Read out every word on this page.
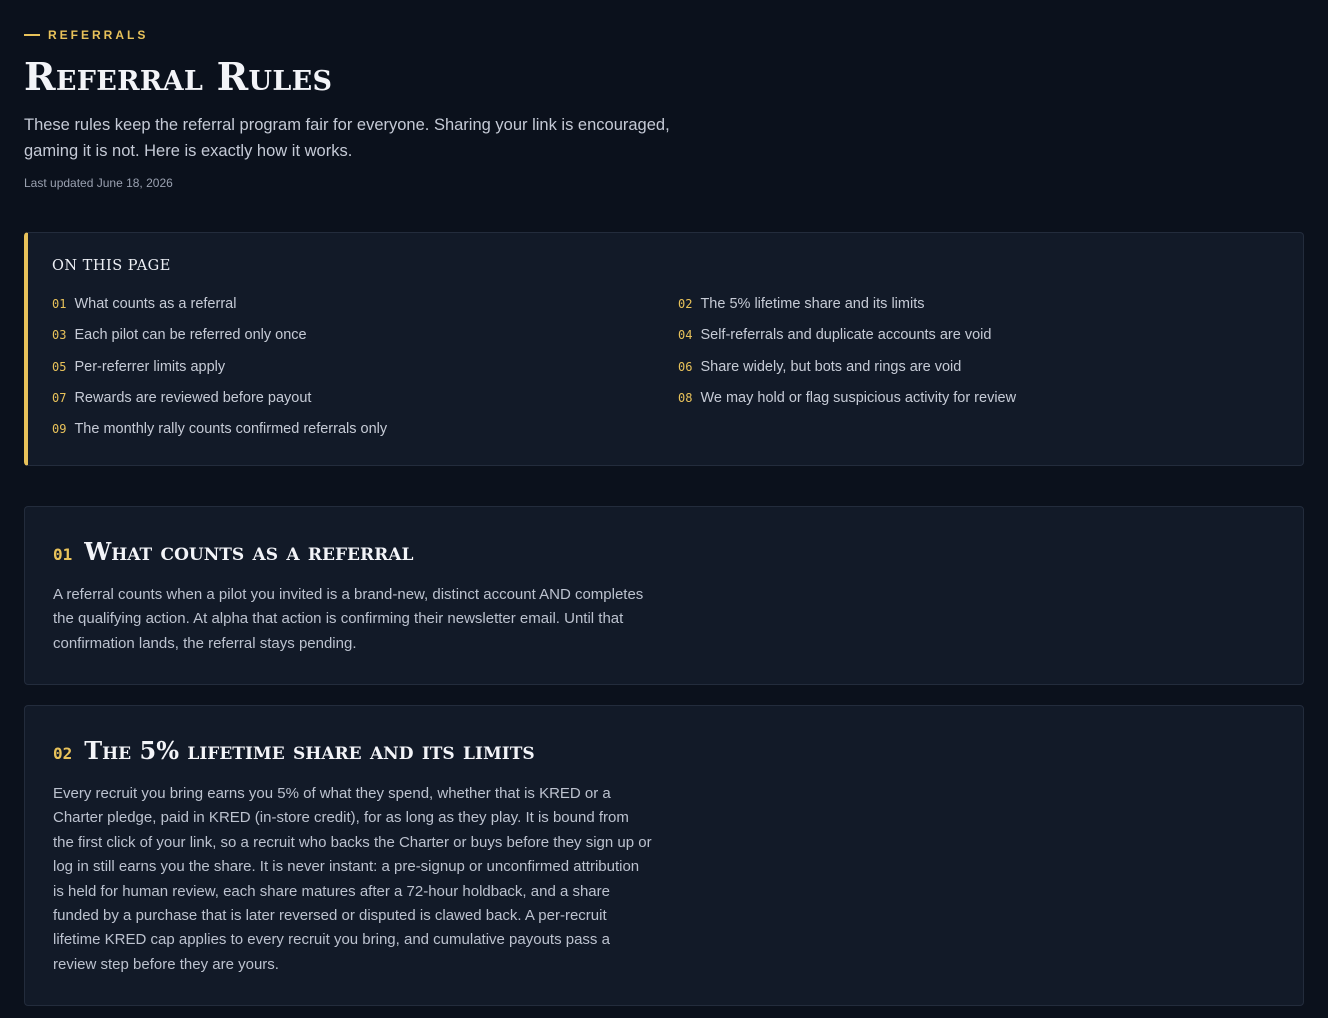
REFERRALS
Referral Rules

These rules keep the referral program fair for everyone. Sharing your link is encouraged, gaming it is not. Here is exactly how it works.

Last updated June 18, 2026
ON THIS PAGE
01 What counts as a referral	02 The 5% lifetime share and its limits
03 Each pilot can be referred only once	04 Self-referrals and duplicate accounts are void
05 Per-referrer limits apply	06 Share widely, but bots and rings are void
07 Rewards are reviewed before payout	08 We may hold or flag suspicious activity for review
09 The monthly rally counts confirmed referrals only
01 What counts as a referral

A referral counts when a pilot you invited is a brand-new, distinct account AND completes the qualifying action. At alpha that action is confirming their newsletter email. Until that confirmation lands, the referral stays pending.

02 The 5% lifetime share and its limits

Every recruit you bring earns you 5% of what they spend, whether that is KRED or a Charter pledge, paid in KRED (in-store credit), for as long as they play. It is bound from the first click of your link, so a recruit who backs the Charter or buys before they sign up or log in still earns you the share. It is never instant: a pre-signup or unconfirmed attribution is held for human review, each share matures after a 72-hour holdback, and a share funded by a purchase that is later reversed or disputed is clawed back. A per-recruit lifetime KRED cap applies to every recruit you bring, and cumulative payouts pass a review step before they are yours.
